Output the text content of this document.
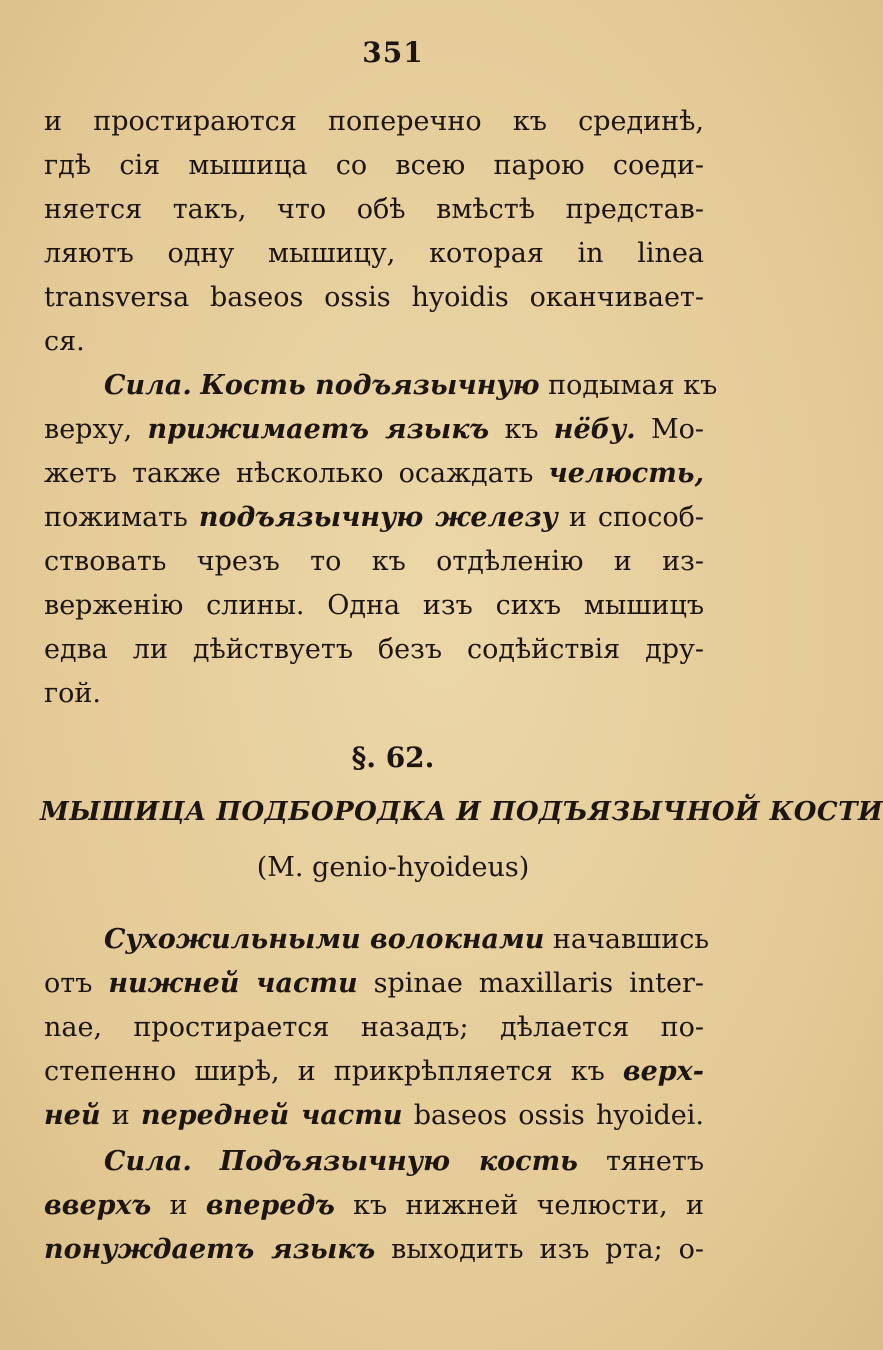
351
и простираются поперечно къ срединѣ,
гдѣ сія мышица со всею парою соеди-
няется такъ, что обѣ вмѣстѣ представ-
ляютъ одну мышицу, которая in linea
transversa baseos ossis hyoidis оканчивает-
ся.
Сила. Кость подъязычную подымая къ
верху, прижимаетъ языкъ къ нёбу. Мо-
жетъ также нѣсколько осаждать челюсть,
пожимать подъязычную железу и способ-
ствовать чрезъ то къ отдѣленію и из-
верженію слины. Одна изъ сихъ мышицъ
едва ли дѣйствуетъ безъ содѣйствія дру-
гой.
§. 62.
МЫШИЦА ПОДБОРОДКА И ПОДЪЯЗЫЧНОЙ КОСТИ
(M. genio-hyoideus)
Сухожильными волокнами начавшись
отъ нижней части spinae maxillaris inter-
nae, простирается назадъ; дѣлается по-
степенно ширѣ, и прикрѣпляется къ верх-
ней и передней части baseos ossis hyoidei.
Сила. Подъязычную кость тянетъ
вверхъ и впередъ къ нижней челюсти, и
понуждаетъ языкъ выходить изъ рта; о-
